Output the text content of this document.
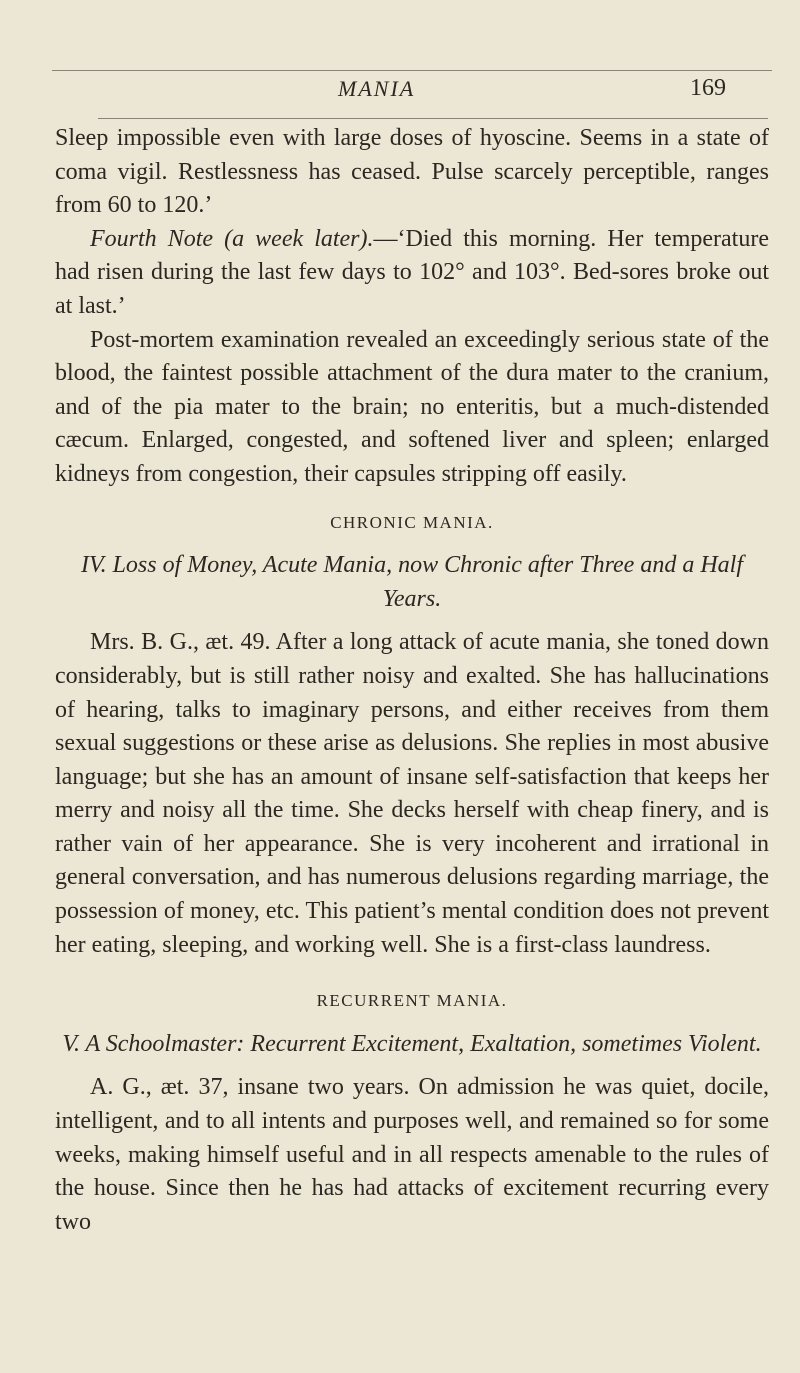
MANIA	169

Sleep impossible even with large doses of hyoscine. Seems in a state of coma vigil. Restlessness has ceased. Pulse scarcely perceptible, ranges from 60 to 120.’

Fourth Note (a week later).—‘Died this morning. Her temperature had risen during the last few days to 102° and 103°. Bed-sores broke out at last.’

Post-mortem examination revealed an exceedingly serious state of the blood, the faintest possible attachment of the dura mater to the cranium, and of the pia mater to the brain; no enteritis, but a much-distended cæcum. Enlarged, congested, and softened liver and spleen; enlarged kidneys from congestion, their capsules stripping off easily.

CHRONIC MANIA.
IV. Loss of Money, Acute Mania, now Chronic after Three and a Half Years.

Mrs. B. G., æt. 49. After a long attack of acute mania, she toned down considerably, but is still rather noisy and exalted. She has hallucinations of hearing, talks to imaginary persons, and either receives from them sexual suggestions or these arise as delusions. She replies in most abusive language; but she has an amount of insane self-satisfaction that keeps her merry and noisy all the time. She decks herself with cheap finery, and is rather vain of her appearance. She is very incoherent and irrational in general conversation, and has numerous delusions regarding marriage, the possession of money, etc. This patient’s mental condition does not prevent her eating, sleeping, and working well. She is a first-class laundress.

RECURRENT MANIA.
V. A Schoolmaster: Recurrent Excitement, Exaltation, sometimes Violent.

A. G., æt. 37, insane two years. On admission he was quiet, docile, intelligent, and to all intents and purposes well, and remained so for some weeks, making himself useful and in all respects amenable to the rules of the house. Since then he has had attacks of excitement recurring every two
